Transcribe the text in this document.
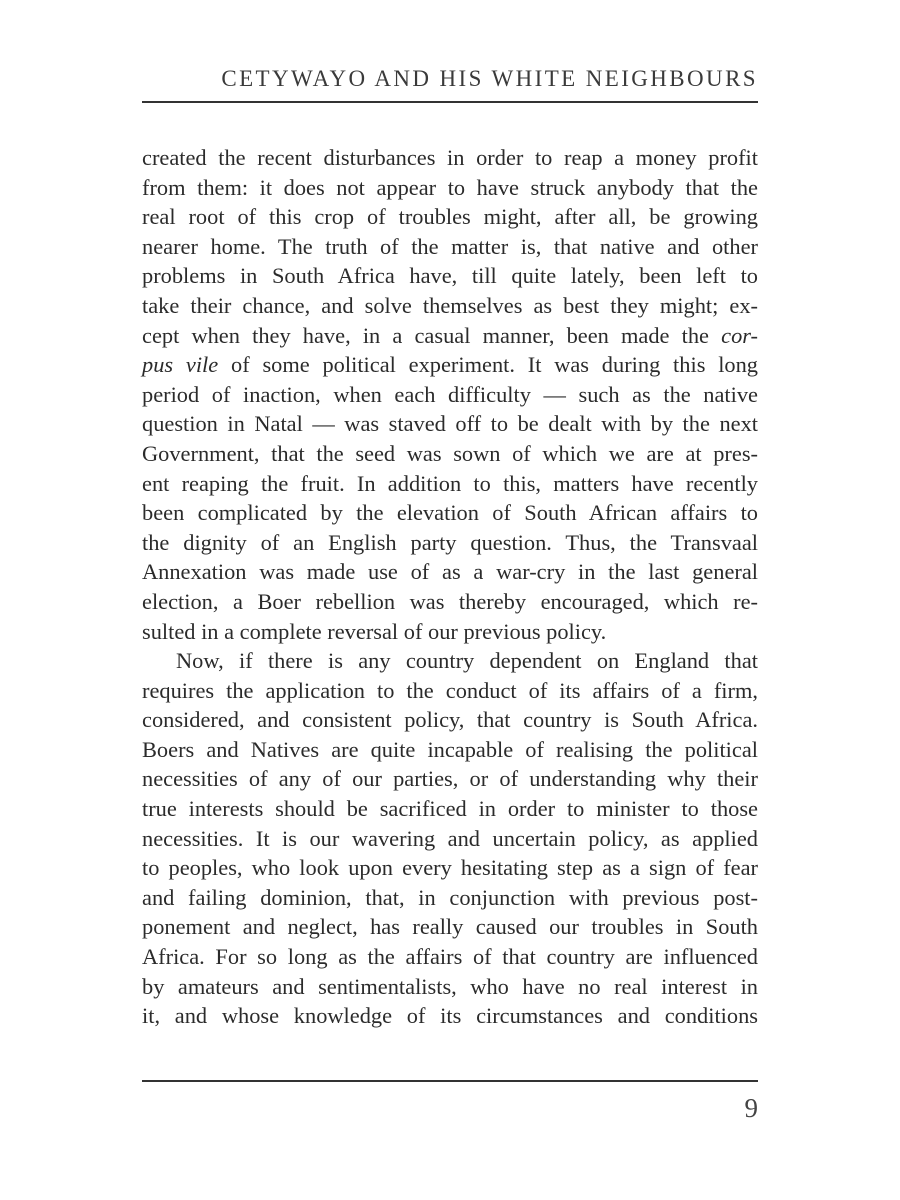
CETYWAYO AND HIS WHITE NEIGHBOURS
created the recent disturbances in order to reap a money profit
from them: it does not appear to have struck anybody that the
real root of this crop of troubles might, after all, be growing
nearer home. The truth of the matter is, that native and other
problems in South Africa have, till quite lately, been left to
take their chance, and solve themselves as best they might; ex-
cept when they have, in a casual manner, been made the cor-
pus vile of some political experiment. It was during this long
period of inaction, when each difficulty — such as the native
question in Natal — was staved off to be dealt with by the next
Government, that the seed was sown of which we are at pres-
ent reaping the fruit. In addition to this, matters have recently
been complicated by the elevation of South African affairs to
the dignity of an English party question. Thus, the Transvaal
Annexation was made use of as a war-cry in the last general
election, a Boer rebellion was thereby encouraged, which re-
sulted in a complete reversal of our previous policy.
Now, if there is any country dependent on England that
requires the application to the conduct of its affairs of a firm,
considered, and consistent policy, that country is South Africa.
Boers and Natives are quite incapable of realising the political
necessities of any of our parties, or of understanding why their
true interests should be sacrificed in order to minister to those
necessities. It is our wavering and uncertain policy, as applied
to peoples, who look upon every hesitating step as a sign of fear
and failing dominion, that, in conjunction with previous post-
ponement and neglect, has really caused our troubles in South
Africa. For so long as the affairs of that country are influenced
by amateurs and sentimentalists, who have no real interest in
it, and whose knowledge of its circumstances and conditions
9
